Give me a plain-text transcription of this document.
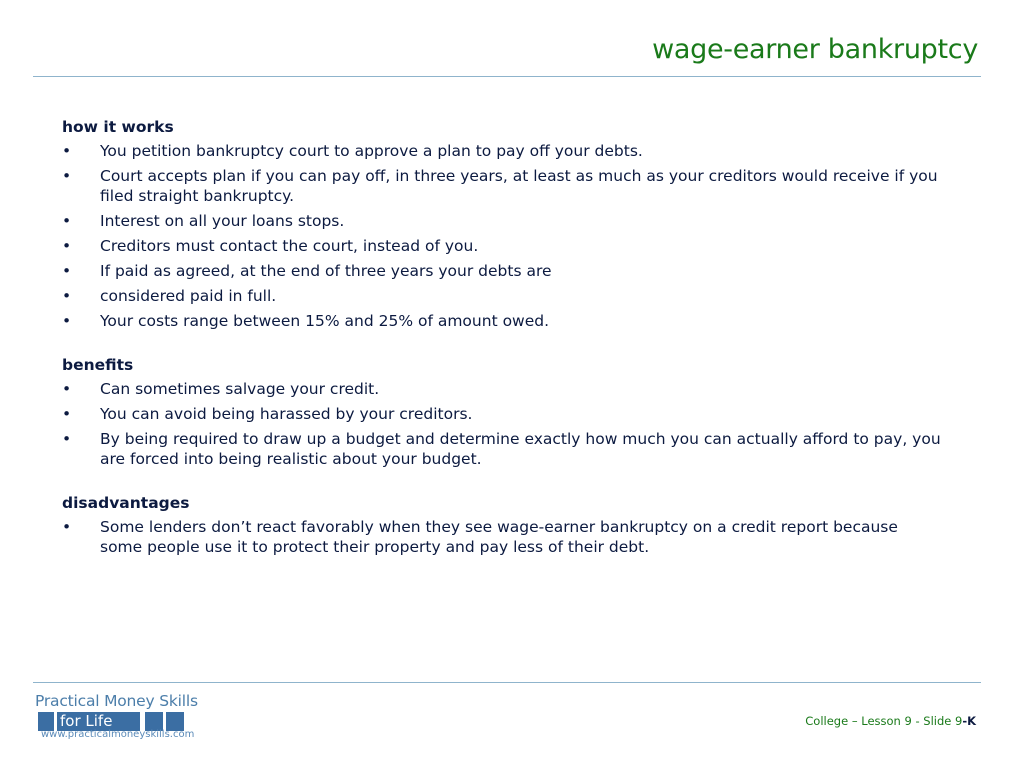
wage-earner bankruptcy
how it works
• You petition bankruptcy court to approve a plan to pay off your debts.
• Court accepts plan if you can pay off, in three years, at least as much as your creditors would receive if you filed straight bankruptcy.
• Interest on all your loans stops.
• Creditors must contact the court, instead of you.
• If paid as agreed, at the end of three years your debts are
• considered paid in full.
• Your costs range between 15% and 25% of amount owed.
benefits
• Can sometimes salvage your credit.
• You can avoid being harassed by your creditors.
• By being required to draw up a budget and determine exactly how much you can actually afford to pay, you are forced into being realistic about your budget.
disadvantages
• Some lenders don’t react favorably when they see wage-earner bankruptcy on a credit report because some people use it to protect their property and pay less of their debt.
Practical Money Skills
for Life
www.practicalmoneyskills.com
College – Lesson 9 - Slide 9-K
